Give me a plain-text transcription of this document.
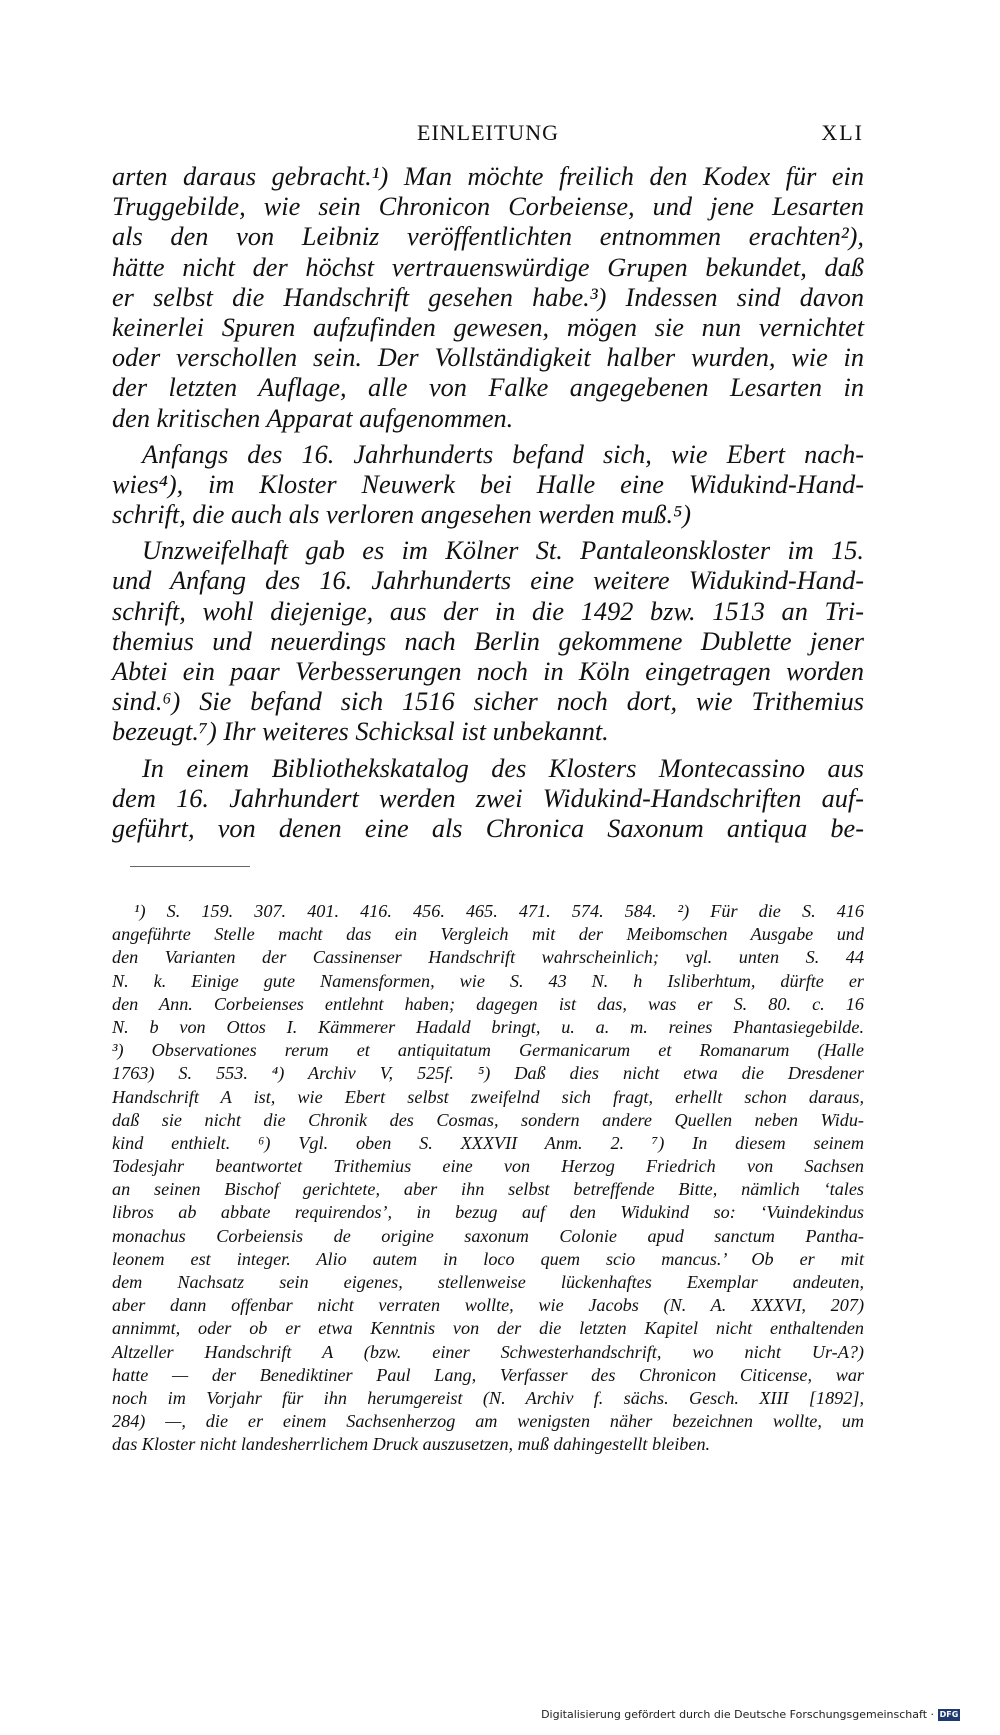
EINLEITUNG	XLI
arten daraus gebracht.¹) Man möchte freilich den Kodex für ein
Truggebilde, wie sein Chronicon Corbeiense, und jene Lesarten
als den von Leibniz veröffentlichten entnommen erachten²),
hätte nicht der höchst vertrauenswürdige Grupen bekundet, daß
er selbst die Handschrift gesehen habe.³) Indessen sind davon
keinerlei Spuren aufzufinden gewesen, mögen sie nun vernichtet
oder verschollen sein. Der Vollständigkeit halber wurden, wie in
der letzten Auflage, alle von Falke angegebenen Lesarten in
den kritischen Apparat aufgenommen.
Anfangs des 16. Jahrhunderts befand sich, wie Ebert nach-
wies⁴), im Kloster Neuwerk bei Halle eine Widukind-Hand-
schrift, die auch als verloren angesehen werden muß.⁵)
Unzweifelhaft gab es im Kölner St. Pantaleonskloster im 15.
und Anfang des 16. Jahrhunderts eine weitere Widukind-Hand-
schrift, wohl diejenige, aus der in die 1492 bzw. 1513 an Tri-
themius und neuerdings nach Berlin gekommene Dublette jener
Abtei ein paar Verbesserungen noch in Köln eingetragen worden
sind.⁶) Sie befand sich 1516 sicher noch dort, wie Trithemius
bezeugt.⁷) Ihr weiteres Schicksal ist unbekannt.
In einem Bibliothekskatalog des Klosters Montecassino aus
dem 16. Jahrhundert werden zwei Widukind-Handschriften auf-
geführt, von denen eine als Chronica Saxonum antiqua be-
¹) S. 159. 307. 401. 416. 456. 465. 471. 574. 584. ²) Für die S. 416
angeführte Stelle macht das ein Vergleich mit der Meibomschen Ausgabe und
den Varianten der Cassinenser Handschrift wahrscheinlich; vgl. unten S. 44
N. k. Einige gute Namensformen, wie S. 43 N. h Isliberhtum, dürfte er
den Ann. Corbeienses entlehnt haben; dagegen ist das, was er S. 80. c. 16
N. b von Ottos I. Kämmerer Hadald bringt, u. a. m. reines Phantasiegebilde.
³) Observationes rerum et antiquitatum Germanicarum et Romanarum (Halle
1763) S. 553. ⁴) Archiv V, 525f. ⁵) Daß dies nicht etwa die Dresdener
Handschrift A ist, wie Ebert selbst zweifelnd sich fragt, erhellt schon daraus,
daß sie nicht die Chronik des Cosmas, sondern andere Quellen neben Widu-
kind enthielt. ⁶) Vgl. oben S. XXXVII Anm. 2. ⁷) In diesem seinem
Todesjahr beantwortet Trithemius eine von Herzog Friedrich von Sachsen
an seinen Bischof gerichtete, aber ihn selbst betreffende Bitte, nämlich ‘tales
libros ab abbate requirendos’, in bezug auf den Widukind so: ‘Vuindekindus
monachus Corbeiensis de origine saxonum Colonie apud sanctum Pantha-
leonem est integer. Alio autem in loco quem scio mancus.’ Ob er mit
dem Nachsatz sein eigenes, stellenweise lückenhaftes Exemplar andeuten,
aber dann offenbar nicht verraten wollte, wie Jacobs (N. A. XXXVI, 207)
annimmt, oder ob er etwa Kenntnis von der die letzten Kapitel nicht enthaltenden
Altzeller Handschrift A (bzw. einer Schwesterhandschrift, wo nicht Ur-A?)
hatte — der Benediktiner Paul Lang, Verfasser des Chronicon Citicense, war
noch im Vorjahr für ihn herumgereist (N. Archiv f. sächs. Gesch. XIII [1892],
284) —, die er einem Sachsenherzog am wenigsten näher bezeichnen wollte, um
das Kloster nicht landesherrlichem Druck auszusetzen, muß dahingestellt bleiben.
Digitalisierung gefördert durch die Deutsche Forschungsgemeinschaft · DFG
